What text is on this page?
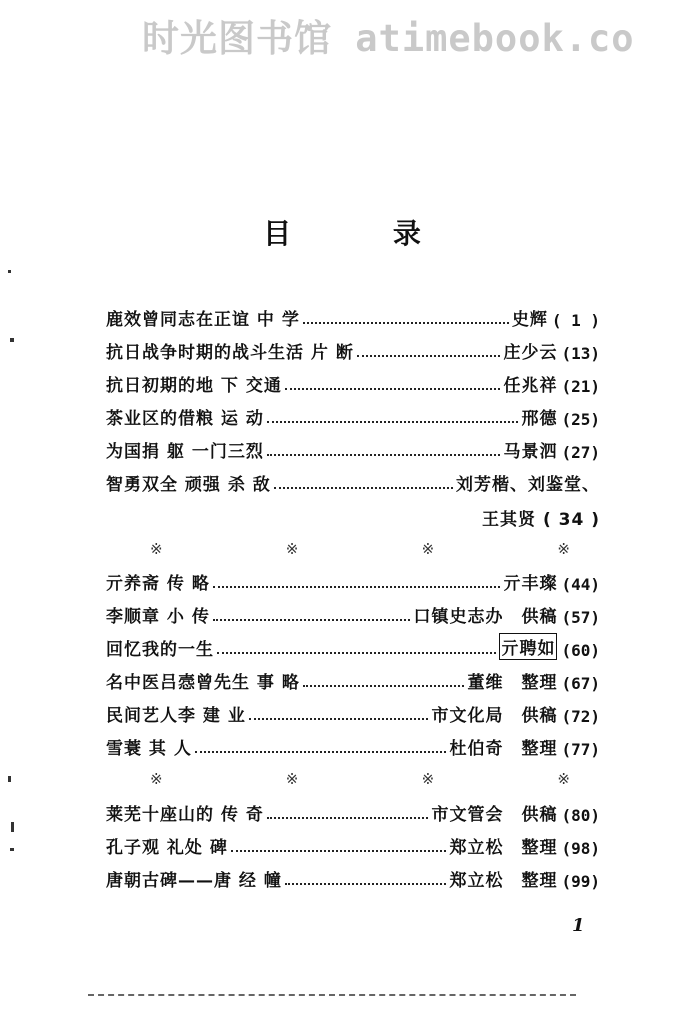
时光图书馆 atimebook.co
目 录
鹿效曾同志在正谊 中 学	史辉 ( 1 )
抗日战争时期的战斗生活 片 断	庄少云 (13)
抗日初期的地 下 交通	任兆祥 (21)
茶业区的借粮 运 动	邢德 (25)
为国捐 躯 一门三烈	马景泗 (27)
智勇双全 顽强 杀 敌	刘芳楷、刘鉴堂、
王其贤 ( 34 )
※	※	※	※
亓养斋 传 略	亓丰璨 (44)
李顺章 小 传	口镇史志办 供稿 (57)
回忆我的一生	亓聘如 (60)
名中医吕悫曾先生 事 略	董维 整理 (67)
民间艺人李 建 业	市文化局 供稿 (72)
雪蓑 其 人	杜伯奇 整理 (77)
※	※	※	※
莱芜十座山的 传 奇	市文管会 供稿 (80)
孔子观 礼处 碑	郑立松 整理 (98)
唐朝古碑——唐 经 幢	郑立松 整理 (99)
1
